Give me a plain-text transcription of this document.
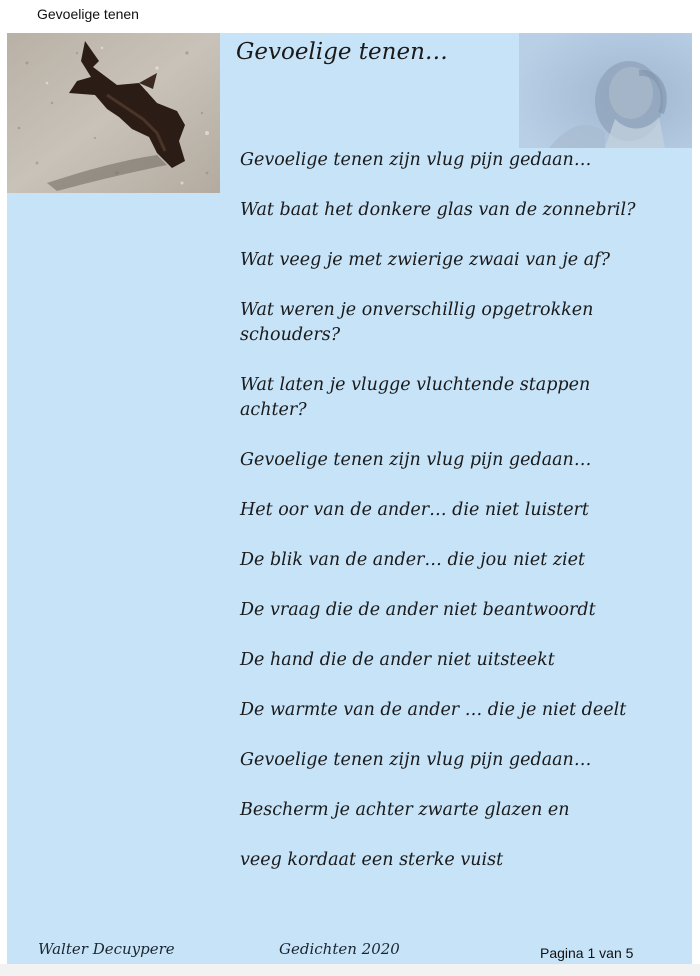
Gevoelige tenen
Gevoelige tenen…
Gevoelige tenen zijn vlug pijn gedaan…
Wat baat het donkere glas van de zonnebril?
Wat veeg je met zwierige zwaai van je af?
Wat weren je onverschillig opgetrokken schouders?
Wat laten je vlugge vluchtende stappen achter?
Gevoelige tenen zijn vlug pijn gedaan…
Het oor van de ander… die niet luistert
De blik van de ander… die jou niet ziet
De vraag die de ander niet beantwoordt
De hand die de ander niet uitsteekt
De warmte van de ander … die je niet deelt
Gevoelige tenen zijn vlug pijn gedaan…
Bescherm je achter zwarte glazen en
veeg kordaat een sterke vuist
Walter Decuypere	Gedichten 2020	Pagina 1 van 5
